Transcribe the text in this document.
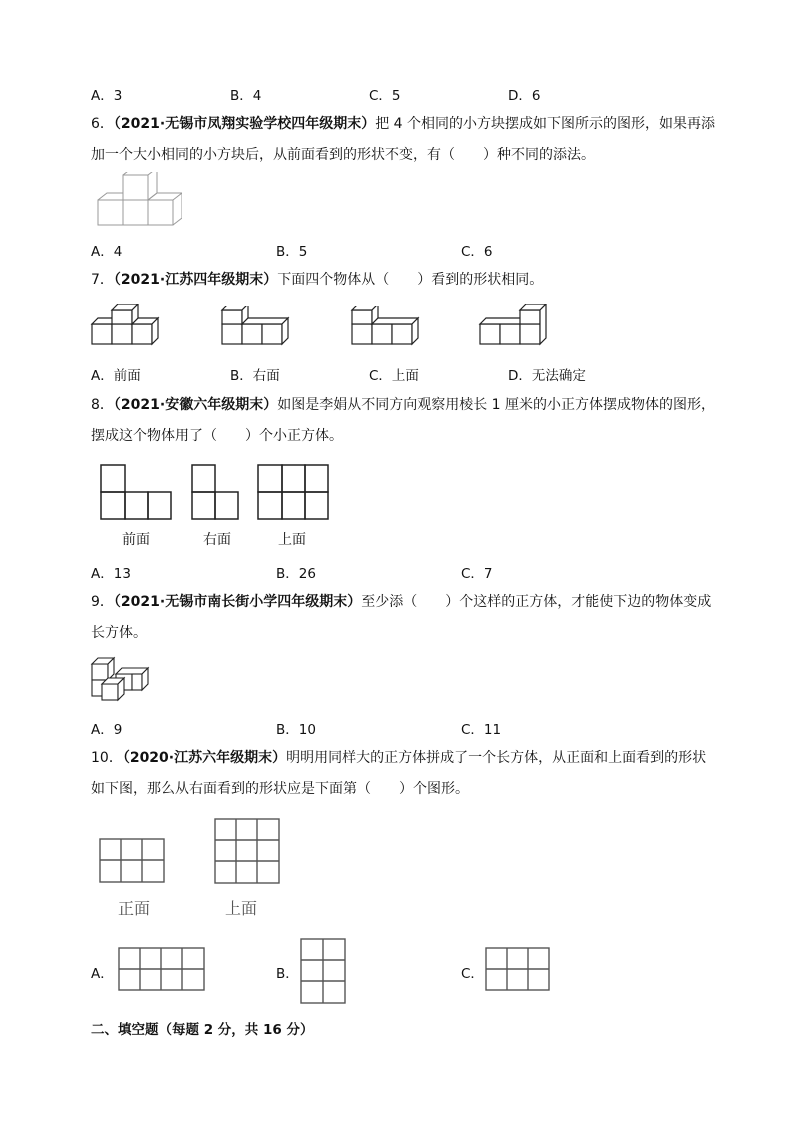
A．3	B．4	C．5	D．6
6．（2021·无锡市凤翔实验学校四年级期末）把 4 个相同的小方块摆成如下图所示的图形，如果再添
加一个大小相同的小方块后，从前面看到的形状不变，有（　　）种不同的添法。
A．4	B．5	C．6
7．（2021·江苏四年级期末）下面四个物体从（　　）看到的形状相同。
A．前面	B．右面	C．上面	D．无法确定
8．（2021·安徽六年级期末）如图是李娟从不同方向观察用棱长 1 厘米的小正方体摆成物体的图形，
摆成这个物体用了（　　）个小正方体。
前面	右面	上面
A．13	B．26	C．7
9．（2021·无锡市南长街小学四年级期末）至少添（　　）个这样的正方体，才能使下边的物体变成
长方体。
A．9	B．10	C．11
10．（2020·江苏六年级期末）明明用同样大的正方体拼成了一个长方体，从正面和上面看到的形状
如下图，那么从右面看到的形状应是下面第（　　）个图形。
正面	上面
A．	B．	C．
二、填空题（每题 2 分，共 16 分）
